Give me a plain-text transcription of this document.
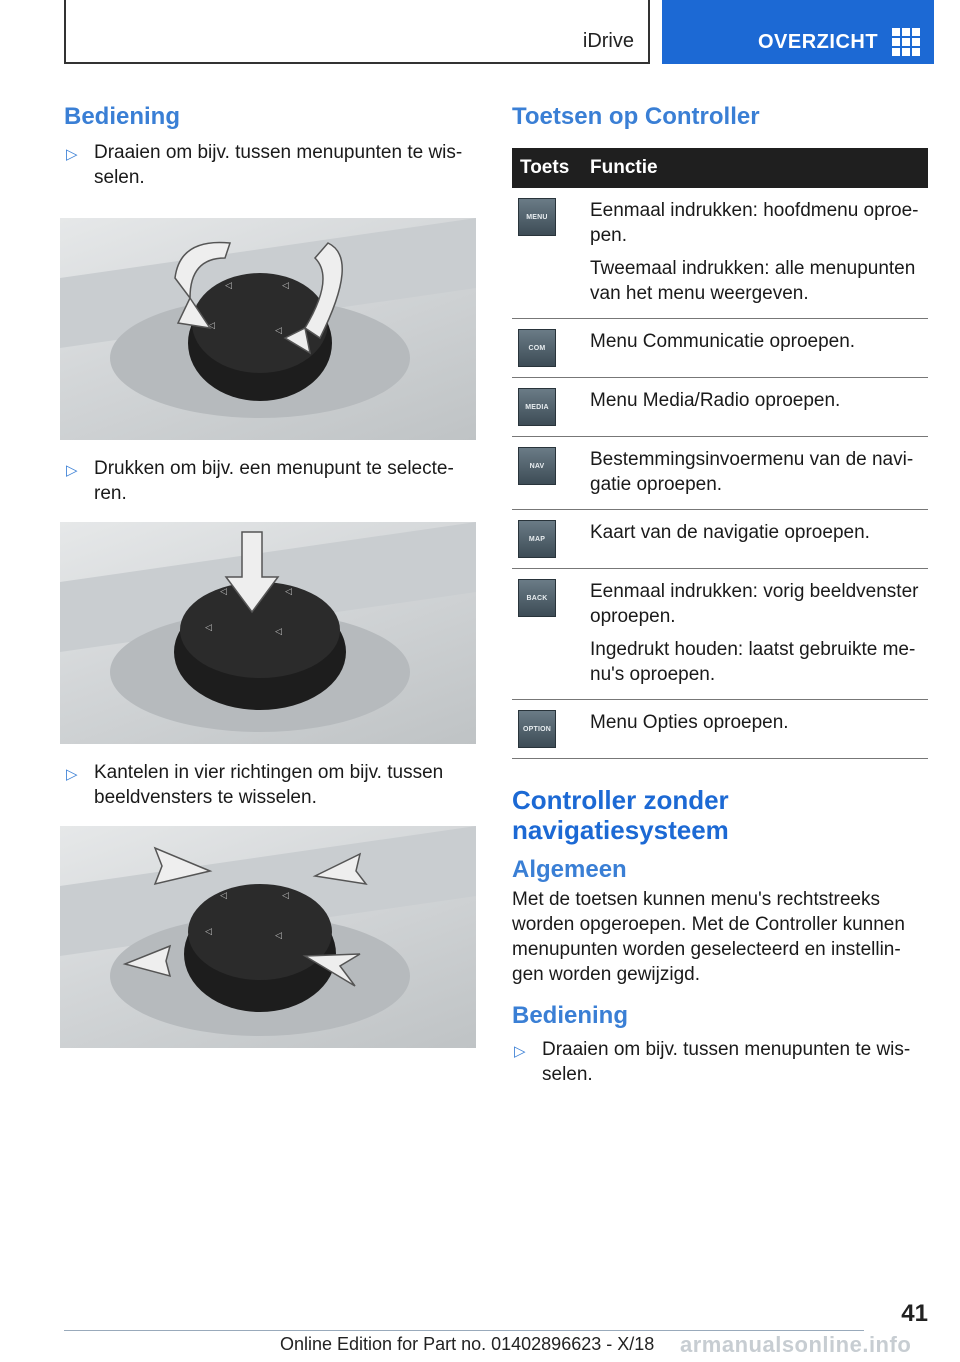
iDrive	OVERZICHT
Bediening
▷ Draaien om bijv. tussen menupunten te wis-selen.
◁	◁
◁	◁
▷ Drukken om bijv. een menupunt te selecte-ren.
◁	◁
◁	◁
▷ Kantelen in vier richtingen om bijv. tussen beeldvensters te wisselen.
◁	◁
◁	◁
Toetsen op Controller
Toets	Functie

MENU	Eenmaal indrukken: hoofdmenu oproe-pen.

Tweemaal indrukken: alle menupunten van het menu weergeven.

COM	Menu Communicatie oproepen.

MEDIA	Menu Media/Radio oproepen.

NAV	Bestemmingsinvoermenu van de navi-gatie oproepen.

MAP	Kaart van de navigatie oproepen.

BACK	Eenmaal indrukken: vorig beeldvenster oproepen.

Ingedrukt houden: laatst gebruikte me-nu's oproepen.

OPTION	Menu Opties oproepen.

Controller zonder navigatiesysteem
Algemeen

Met de toetsen kunnen menu's rechtstreeks worden opgeroepen. Met de Controller kunnen menupunten worden geselecteerd en instellin-gen worden gewijzigd.

Bediening
▷ Draaien om bijv. tussen menupunten te wis-selen.
41
Online Edition for Part no. 01402896623 - X/18 armanualsonline.info
